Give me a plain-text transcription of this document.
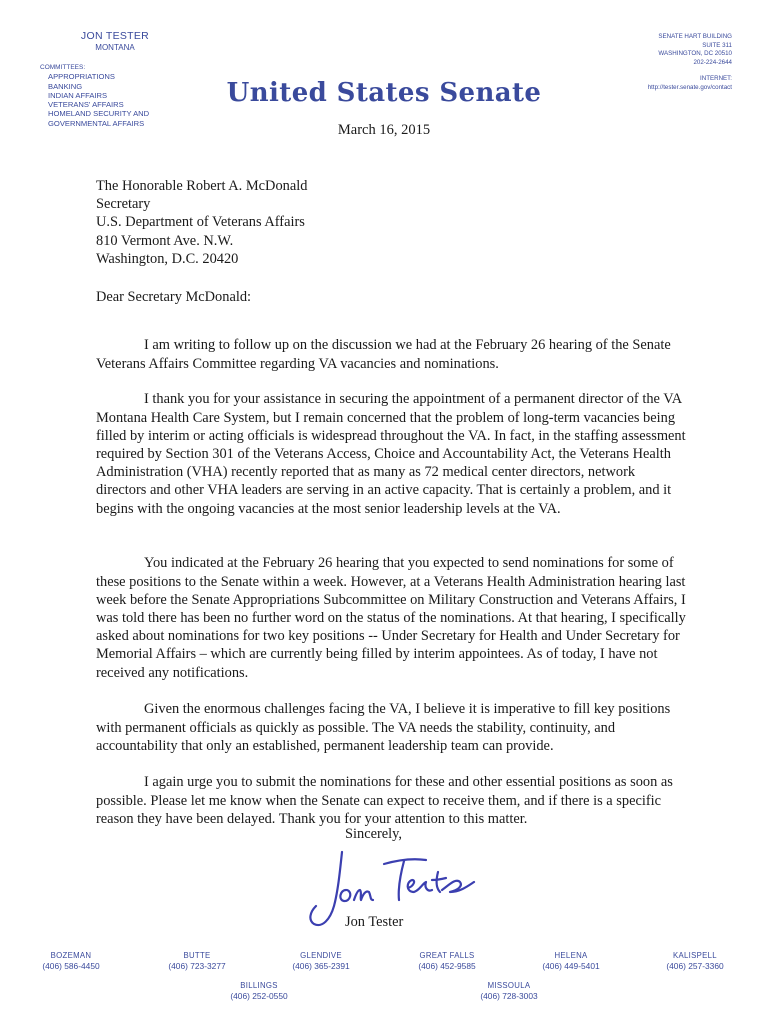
JON TESTER
MONTANA
COMMITTEES:
APPROPRIATIONS
BANKING
INDIAN AFFAIRS
VETERANS' AFFAIRS
HOMELAND SECURITY AND
GOVERNMENTAL AFFAIRS
SENATE HART BUILDING
SUITE 311
WASHINGTON, DC 20510
202-224-2644
INTERNET:
http://tester.senate.gov/contact
United States Senate
March 16, 2015
The Honorable Robert A. McDonald
Secretary
U.S. Department of Veterans Affairs
810 Vermont Ave. N.W.
Washington, D.C. 20420
Dear Secretary McDonald:

I am writing to follow up on the discussion we had at the February 26 hearing of the Senate Veterans Affairs Committee regarding VA vacancies and nominations.

I thank you for your assistance in securing the appointment of a permanent director of the VA Montana Health Care System, but I remain concerned that the problem of long-term vacancies being filled by interim or acting officials is widespread throughout the VA. In fact, in the staffing assessment required by Section 301 of the Veterans Access, Choice and Accountability Act, the Veterans Health Administration (VHA) recently reported that as many as 72 medical center directors, network directors and other VHA leaders are serving in an active capacity. That is certainly a problem, and it begins with the ongoing vacancies at the most senior leadership levels at the VA.

You indicated at the February 26 hearing that you expected to send nominations for some of these positions to the Senate within a week. However, at a Veterans Health Administration hearing last week before the Senate Appropriations Subcommittee on Military Construction and Veterans Affairs, I was told there has been no further word on the status of the nominations. At that hearing, I specifically asked about nominations for two key positions -- Under Secretary for Health and Under Secretary for Memorial Affairs – which are currently being filled by interim appointees. As of today, I have not received any notifications.

Given the enormous challenges facing the VA, I believe it is imperative to fill key positions with permanent officials as quickly as possible. The VA needs the stability, continuity, and accountability that only an established, permanent leadership team can provide.

I again urge you to submit the nominations for these and other essential positions as soon as possible. Please let me know when the Senate can expect to receive them, and if there is a specific reason they have been delayed. Thank you for your attention to this matter.

Sincerely,
Jon Tester
BOZEMAN
(406) 586-4450
BUTTE
(406) 723-3277
GLENDIVE
(406) 365-2391
GREAT FALLS
(406) 452-9585
HELENA
(406) 449-5401
KALISPELL
(406) 257-3360
BILLINGS
(406) 252-0550
MISSOULA
(406) 728-3003
